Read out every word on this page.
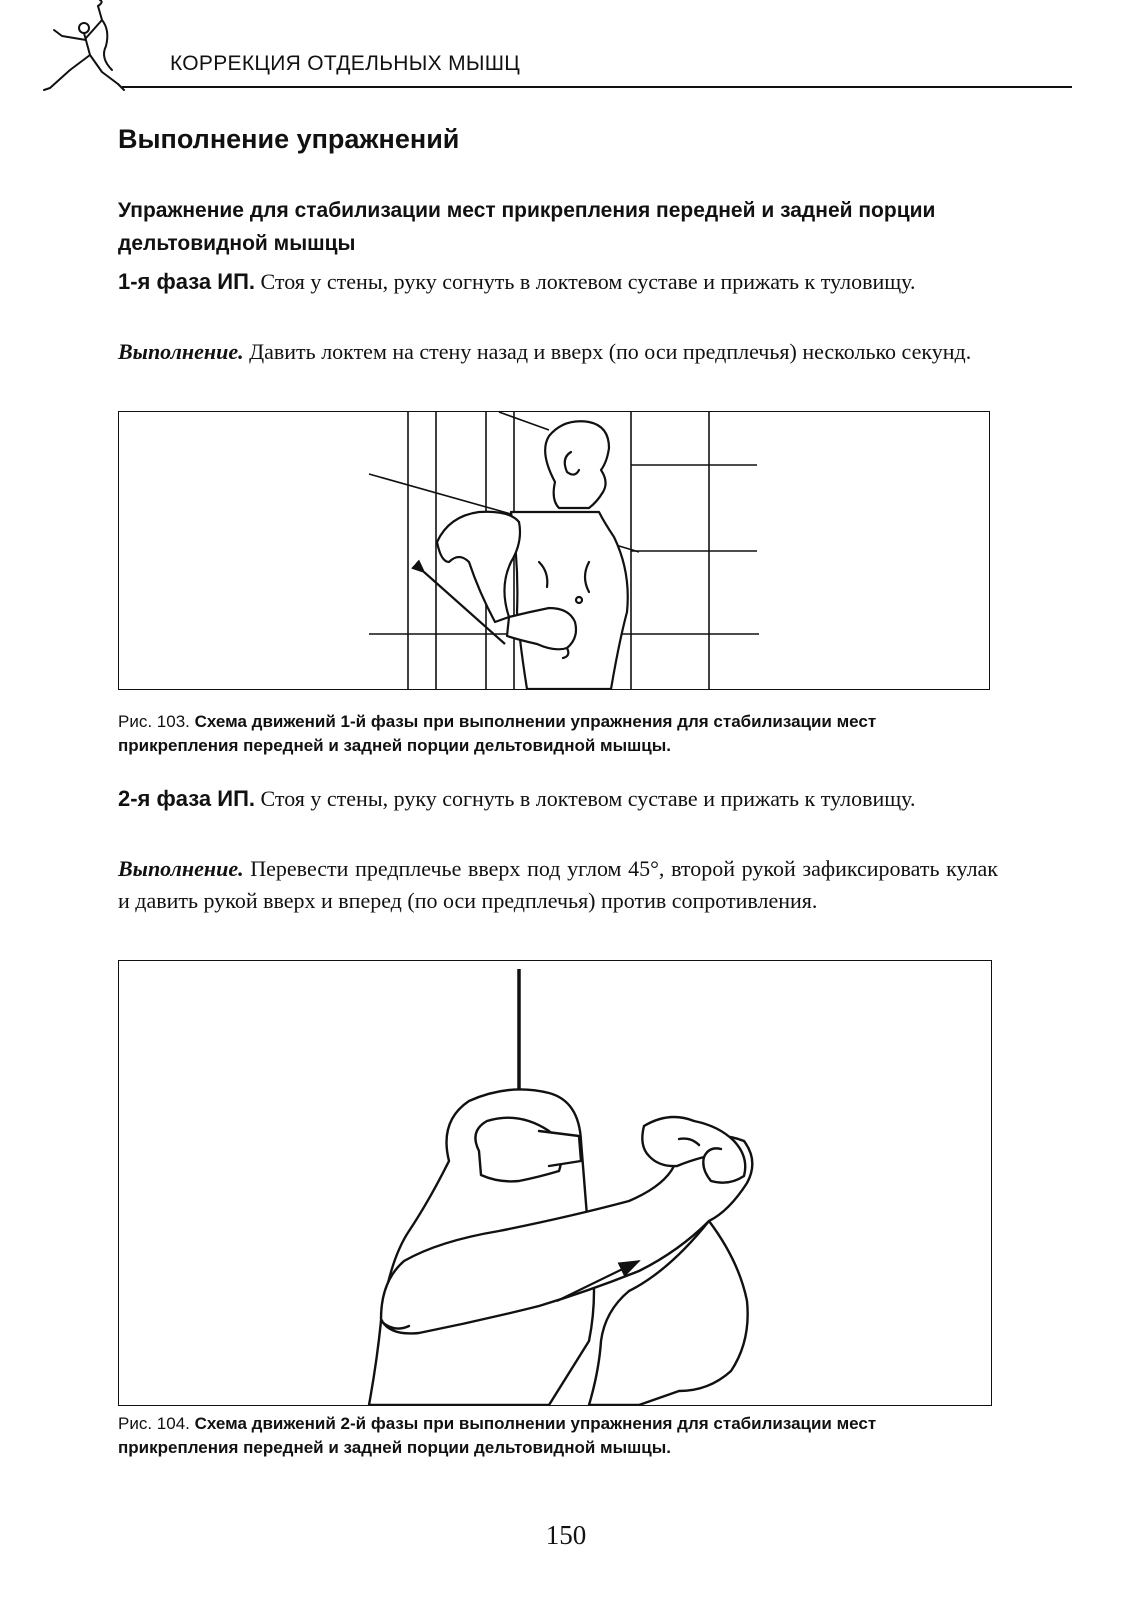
КОРРЕКЦИЯ ОТДЕЛЬНЫХ МЫШЦ
Выполнение упражнений
Упражнение для стабилизации мест прикрепления передней и задней порции дельтовидной мышцы
1-я фаза ИП. Стоя у стены, руку согнуть в локтевом суставе и прижать к туловищу.
Выполнение. Давить локтем на стену назад и вверх (по оси предплечья) несколько секунд.
Рис. 103. Схема движений 1-й фазы при выполнении упражнения для стабилизации мест прикрепления передней и задней порции дельтовидной мышцы.
2-я фаза ИП. Стоя у стены, руку согнуть в локтевом суставе и прижать к туловищу.
Выполнение. Перевести предплечье вверх под углом 45°, второй рукой зафиксировать кулак и давить рукой вверх и вперед (по оси предплечья) против сопротивления.
Рис. 104. Схема движений 2-й фазы при выполнении упражнения для стабилизации мест прикрепления передней и задней порции дельтовидной мышцы.
150
